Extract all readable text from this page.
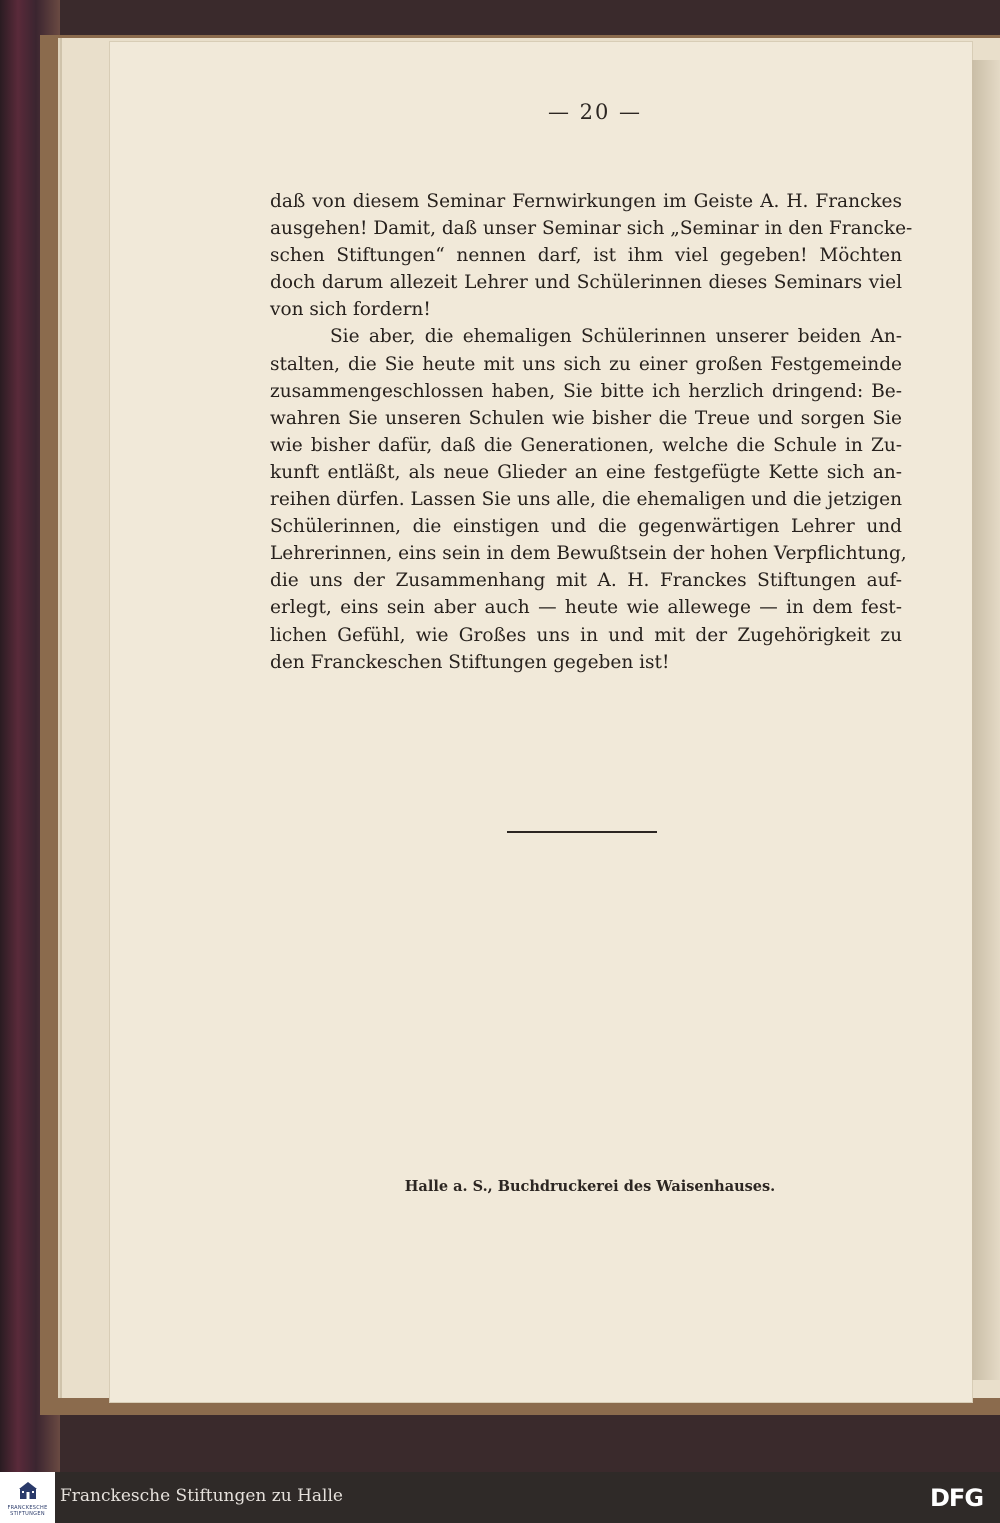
— 20 —
daß von diesem Seminar Fernwirkungen im Geiste A. H. Franckes
ausgehen! Damit, daß unser Seminar sich „Seminar in den Francke-
schen Stiftungen“ nennen darf, ist ihm viel gegeben! Möchten
doch darum allezeit Lehrer und Schülerinnen dieses Seminars viel
von sich fordern!
Sie aber, die ehemaligen Schülerinnen unserer beiden An-
stalten, die Sie heute mit uns sich zu einer großen Festgemeinde
zusammengeschlossen haben, Sie bitte ich herzlich dringend: Be-
wahren Sie unseren Schulen wie bisher die Treue und sorgen Sie
wie bisher dafür, daß die Generationen, welche die Schule in Zu-
kunft entläßt, als neue Glieder an eine festgefügte Kette sich an-
reihen dürfen. Lassen Sie uns alle, die ehemaligen und die jetzigen
Schülerinnen, die einstigen und die gegenwärtigen Lehrer und
Lehrerinnen, eins sein in dem Bewußtsein der hohen Verpflichtung,
die uns der Zusammenhang mit A. H. Franckes Stiftungen auf-
erlegt, eins sein aber auch — heute wie allewege — in dem fest-
lichen Gefühl, wie Großes uns in und mit der Zugehörigkeit zu
den Franckeschen Stiftungen gegeben ist!
Halle a. S., Buchdruckerei des Waisenhauses.
FRANCKESCHE STIFTUNGEN
Franckesche Stiftungen zu Halle	DFG
